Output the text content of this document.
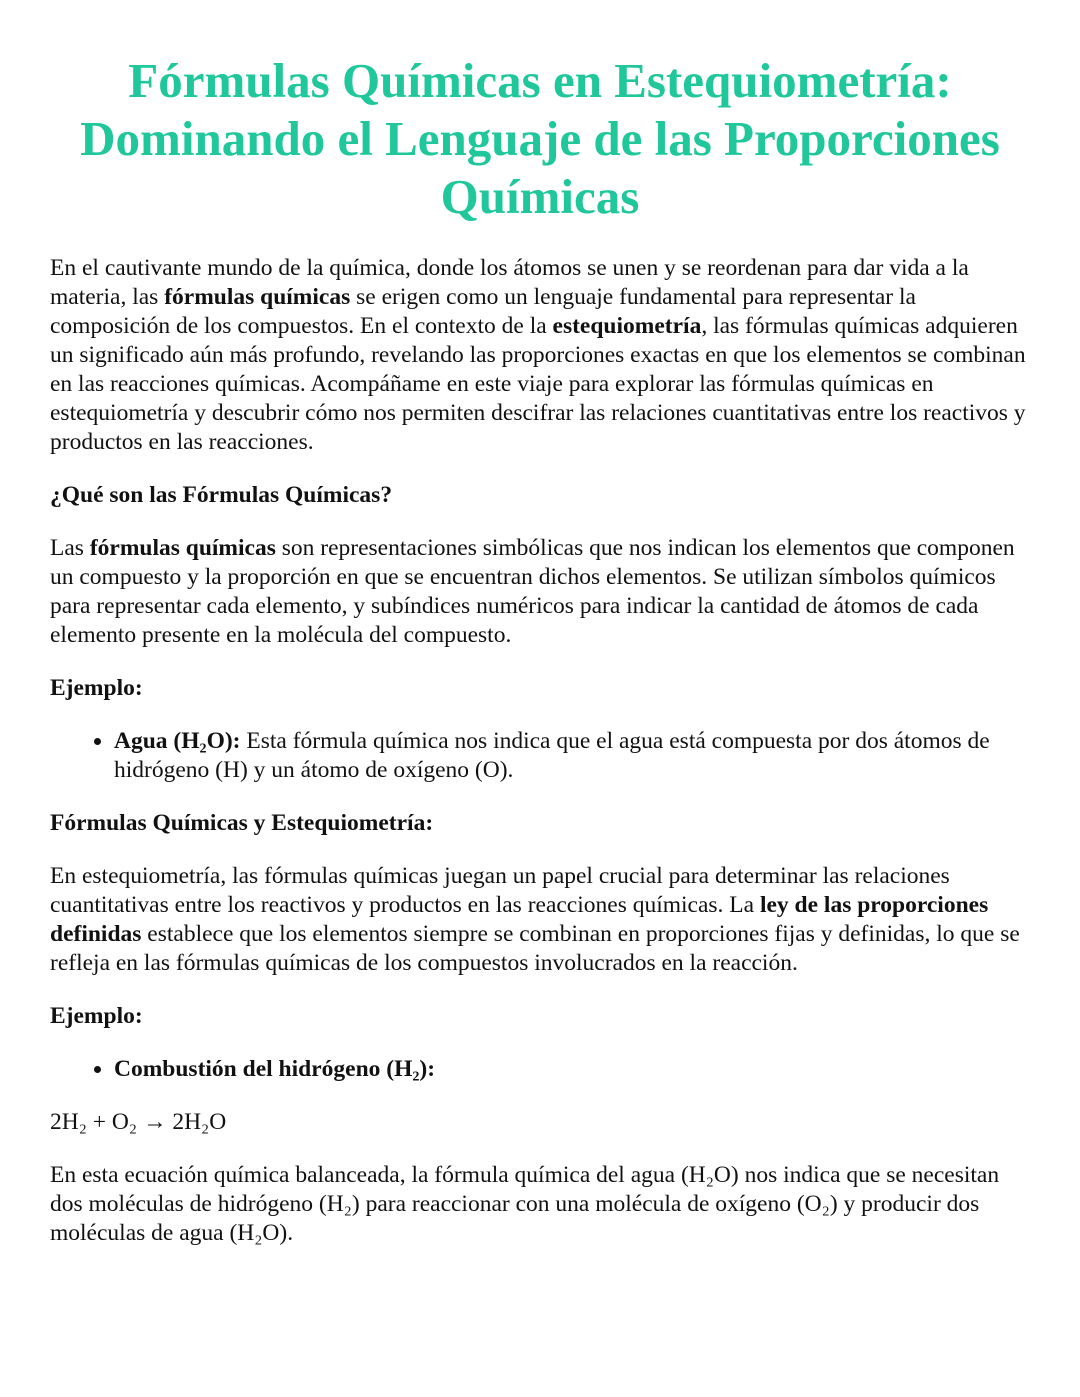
Fórmulas Químicas en Estequiometría: Dominando el Lenguaje de las Proporciones Químicas

En el cautivante mundo de la química, donde los átomos se unen y se reordenan para dar vida a la materia, las fórmulas químicas se erigen como un lenguaje fundamental para representar la composición de los compuestos. En el contexto de la estequiometría, las fórmulas químicas adquieren un significado aún más profundo, revelando las proporciones exactas en que los elementos se combinan en las reacciones químicas. Acompáñame en este viaje para explorar las fórmulas químicas en estequiometría y descubrir cómo nos permiten descifrar las relaciones cuantitativas entre los reactivos y productos en las reacciones.

¿Qué son las Fórmulas Químicas?

Las fórmulas químicas son representaciones simbólicas que nos indican los elementos que componen un compuesto y la proporción en que se encuentran dichos elementos. Se utilizan símbolos químicos para representar cada elemento, y subíndices numéricos para indicar la cantidad de átomos de cada elemento presente en la molécula del compuesto.

Ejemplo:
• Agua (H₂O): Esta fórmula química nos indica que el agua está compuesta por dos átomos de hidrógeno (H) y un átomo de oxígeno (O).
Fórmulas Químicas y Estequiometría:

En estequiometría, las fórmulas químicas juegan un papel crucial para determinar las relaciones cuantitativas entre los reactivos y productos en las reacciones químicas. La ley de las proporciones definidas establece que los elementos siempre se combinan en proporciones fijas y definidas, lo que se refleja en las fórmulas químicas de los compuestos involucrados en la reacción.

Ejemplo:
• Combustión del hidrógeno (H₂):

2H₂ + O₂ → 2H₂O

En esta ecuación química balanceada, la fórmula química del agua (H₂O) nos indica que se necesitan dos moléculas de hidrógeno (H₂) para reaccionar con una molécula de oxígeno (O₂) y producir dos moléculas de agua (H₂O).
